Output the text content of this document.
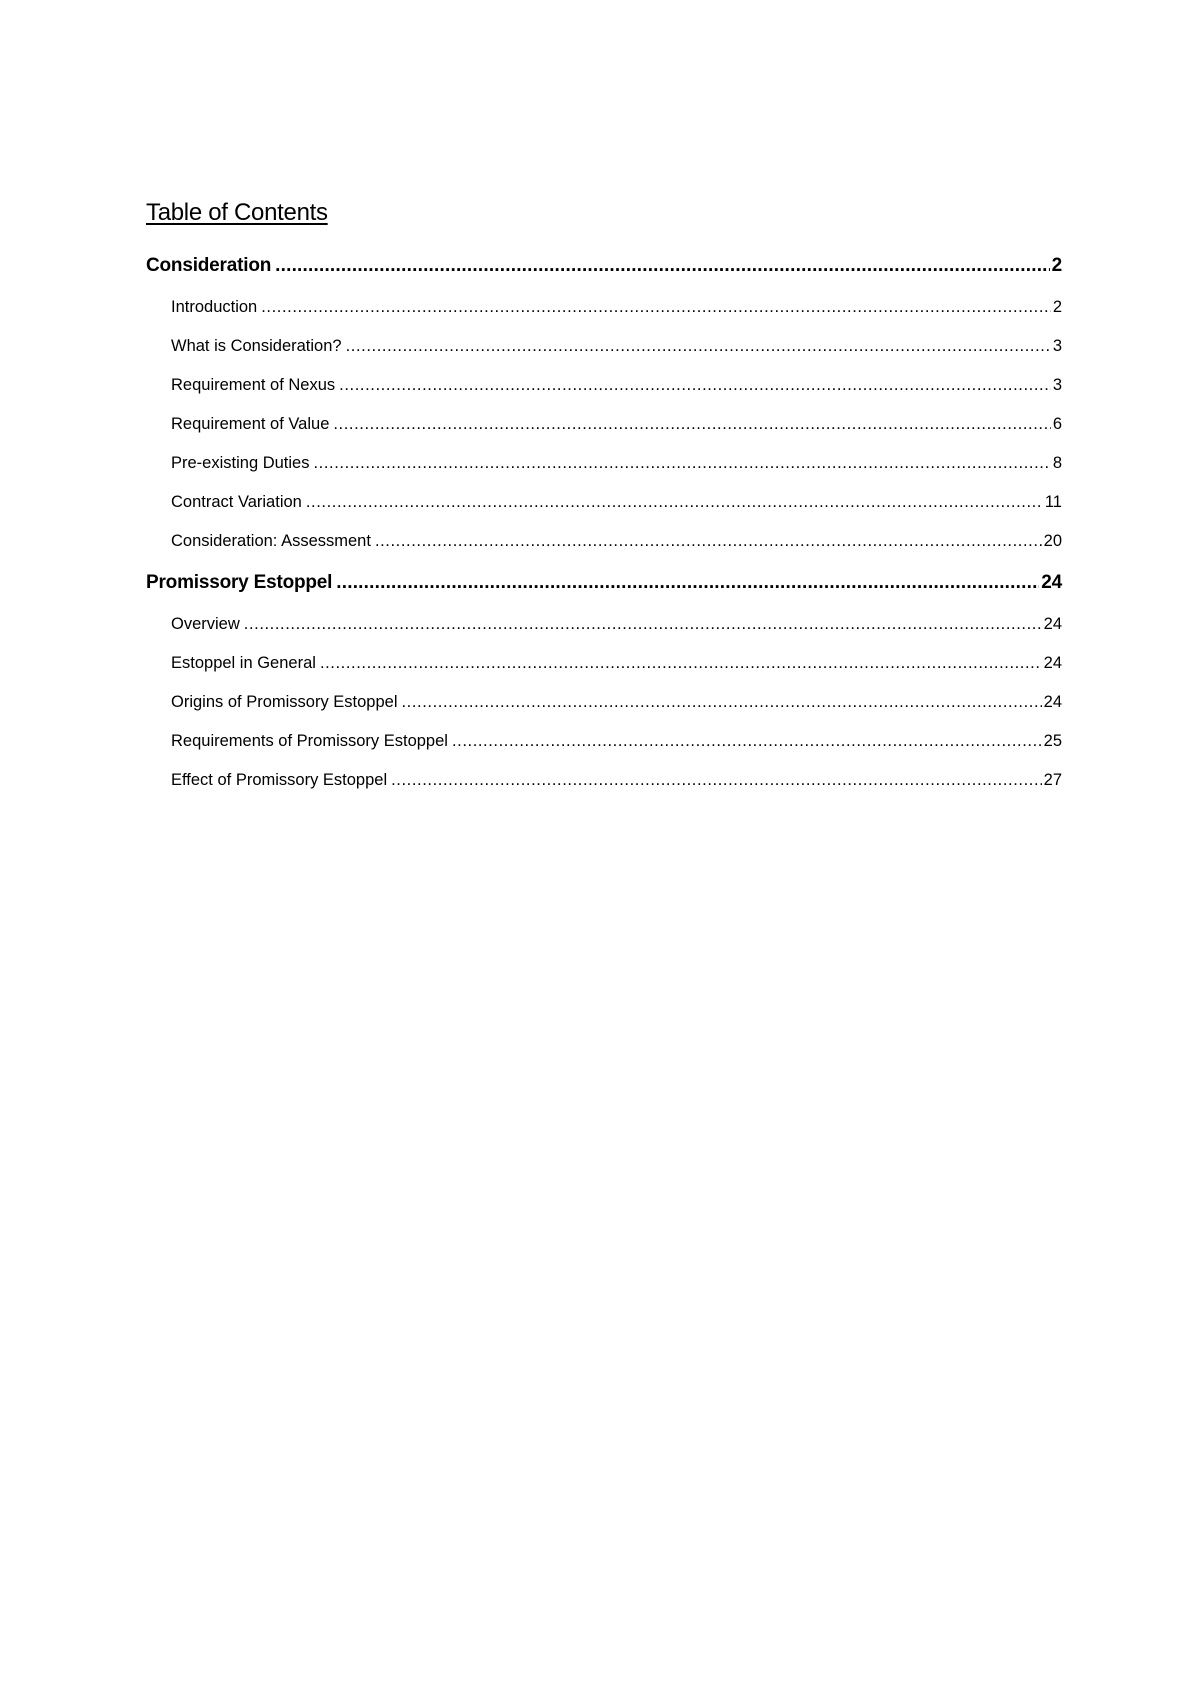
Table of Contents
Consideration .....	2
Introduction .....	2
What is Consideration? .....	3
Requirement of Nexus .....	3
Requirement of Value .....	6
Pre-existing Duties .....	8
Contract Variation .....	11
Consideration: Assessment .....	20
Promissory Estoppel .....	24
Overview .....	24
Estoppel in General .....	24
Origins of Promissory Estoppel .....	24
Requirements of Promissory Estoppel .....	25
Effect of Promissory Estoppel .....	27
